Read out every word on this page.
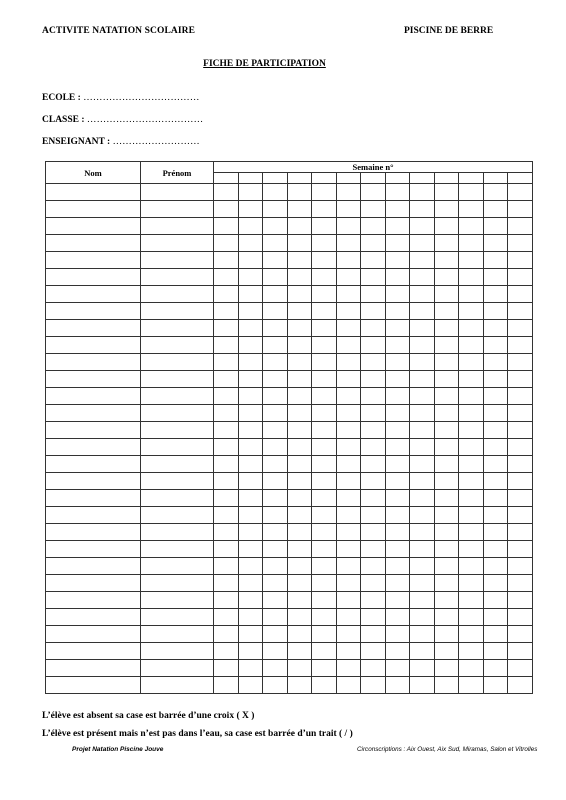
ACTIVITE NATATION SCOLAIRE	PISCINE DE BERRE
FICHE DE PARTICIPATION
ECOLE : ………………………………
CLASSE : ………………………………
ENSEIGNANT : ………………………
Nom	Prénom	Semaine n°												

L’élève est absent sa case est barrée d’une croix ( X )
L’élève est présent mais n’est pas dans l’eau, sa case est barrée d’un trait ( / )
Projet Natation Piscine Jouve	Circonscriptions : Aix Ouest, Aix Sud, Miramas, Salon et Vitrolles
